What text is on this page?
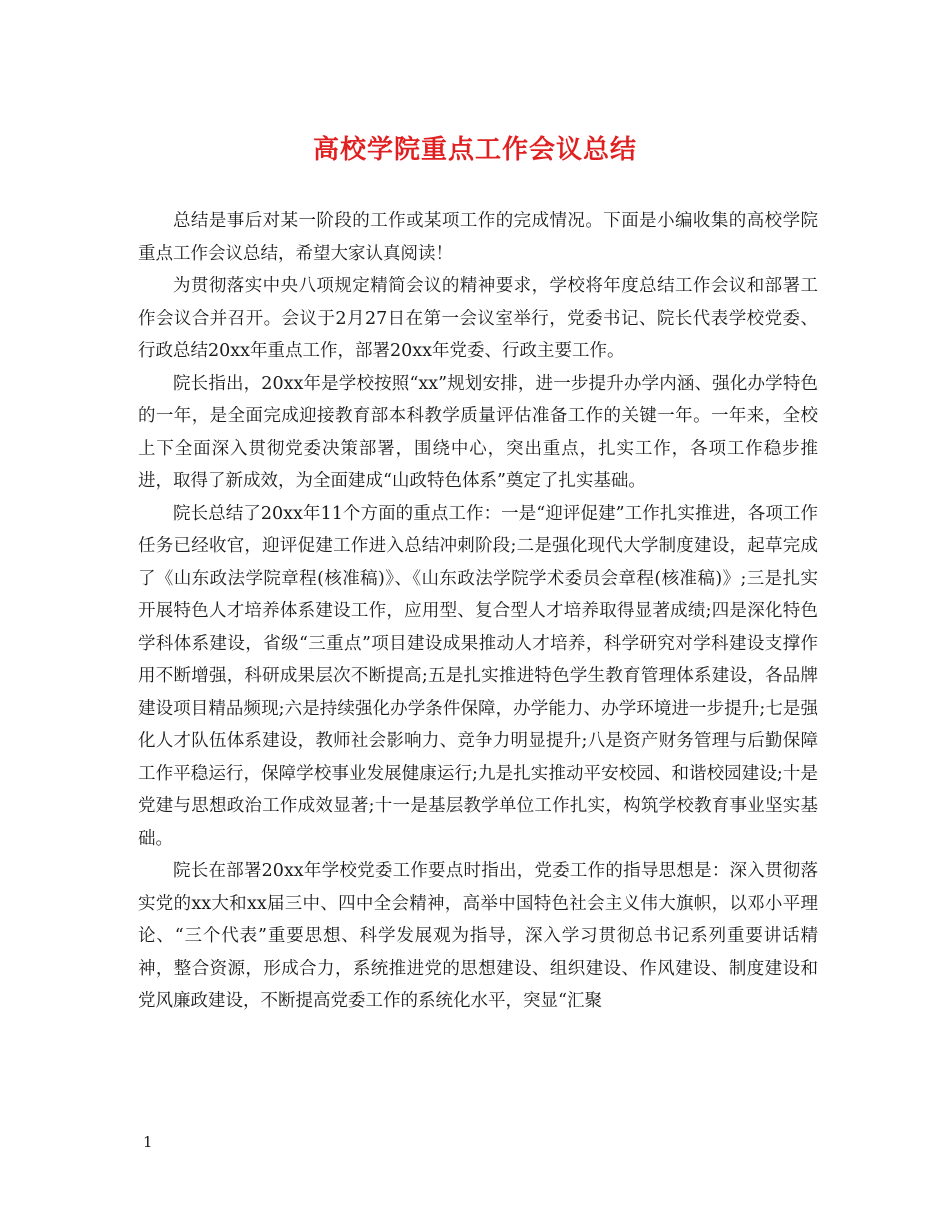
高校学院重点工作会议总结

总结是事后对某一阶段的工作或某项工作的完成情况。下面是小编收集的高校学院重点工作会议总结，希望大家认真阅读！

为贯彻落实中央八项规定精简会议的精神要求，学校将年度总结工作会议和部署工作会议合并召开。会议于2月27日在第一会议室举行，党委书记、院长代表学校党委、行政总结20xx年重点工作，部署20xx年党委、行政主要工作。

院长指出，20xx年是学校按照“xx”规划安排，进一步提升办学内涵、强化办学特色的一年，是全面完成迎接教育部本科教学质量评估准备工作的关键一年。一年来，全校上下全面深入贯彻党委决策部署，围绕中心，突出重点，扎实工作，各项工作稳步推进，取得了新成效，为全面建成“山政特色体系”奠定了扎实基础。

院长总结了20xx年11个方面的重点工作：一是“迎评促建”工作扎实推进，各项工作任务已经收官，迎评促建工作进入总结冲刺阶段;二是强化现代大学制度建设，起草完成了《山东政法学院章程(核准稿)》、《山东政法学院学术委员会章程(核准稿)》;三是扎实开展特色人才培养体系建设工作，应用型、复合型人才培养取得显著成绩;四是深化特色学科体系建设，省级“三重点”项目建设成果推动人才培养，科学研究对学科建设支撑作用不断增强，科研成果层次不断提高;五是扎实推进特色学生教育管理体系建设，各品牌建设项目精品频现;六是持续强化办学条件保障，办学能力、办学环境进一步提升;七是强化人才队伍体系建设，教师社会影响力、竞争力明显提升;八是资产财务管理与后勤保障工作平稳运行，保障学校事业发展健康运行;九是扎实推动平安校园、和谐校园建设;十是党建与思想政治工作成效显著;十一是基层教学单位工作扎实，构筑学校教育事业坚实基础。

院长在部署20xx年学校党委工作要点时指出，党委工作的指导思想是：深入贯彻落实党的xx大和xx届三中、四中全会精神，高举中国特色社会主义伟大旗帜，以邓小平理论、“三个代表”重要思想、科学发展观为指导，深入学习贯彻总书记系列重要讲话精神，整合资源，形成合力，系统推进党的思想建设、组织建设、作风建设、制度建设和党风廉政建设，不断提高党委工作的系统化水平，突显“汇聚

1
